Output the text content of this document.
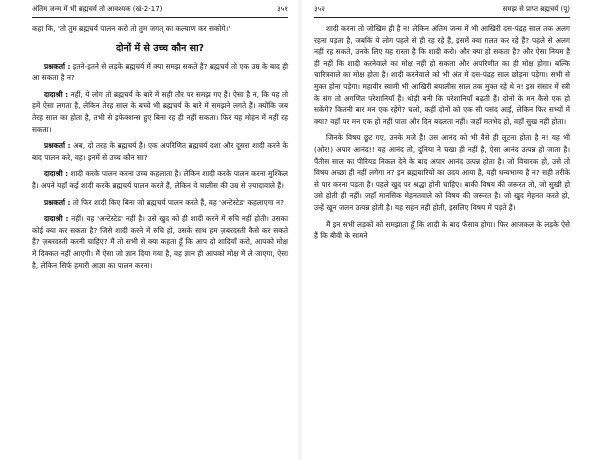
अंतिम जन्म में भी ब्रह्मचर्य तो आवश्यक (खं-2-17)	३५१

कहा कि, 'तो तुम ब्रह्मचर्य पालन करो तो तुम जगत् का कल्याण कर सकोगे।'

दोनों में से उच्च कौन सा?

प्रश्नकर्ता : इतने-इतने से लड़के ब्रह्मचर्य में क्या समझ सकते हैं? ब्रह्मचर्य तो एक उम्र के बाद ही आ सकता है न?

दादाश्री : नहीं, ये लोग तो ब्रह्मचर्य के बारे में सही तौर पर समझ गए हैं। ऐसा है न, कि यह तो हमें ऐसा लगता है, लेकिन तेरह साल के बच्चे भी ब्रह्मचर्य के बारे में समझने लगते हैं। क्योंकि जब तेरह साल का होता है, तभी से इफेक्शन्स हुए बिना रह ही नहीं सकता। फिर यह मोहन में नहीं रह सकता।

प्रश्नकर्ता : अब, दो तरह के ब्रह्मचर्य हैं। एक अपरिणित ब्रह्मचर्य दशा और दूसरा शादी करने के बाद पालन करे, वह। इनमें से उच्च कौन सा?

दादाश्री : शादी करके पालन करना उच्च कहलाता है। लेकिन शादी करके पालन करना मुश्किल है। अपने यहाँ कई शादी करके ब्रह्मचर्य पालन करते हैं, लेकिन वे चालीस की उम्र से ज़्यादावाले हैं।

प्रश्नकर्ता : तो फिर शादी किए बिना जो ब्रह्मचर्य पालन करते हैं, वह 'अन्टेस्टेड' कहलाएगा न?

दादाश्री : नहीं। वह 'अन्टेस्टेड' नहीं है। उसे खुद को ही शादी करने में रुचि नहीं होती। उसका कोई क्या कर सकता है? जिसे शादी करने में रुचि हो, उसके साथ हम ज़बरदस्ती कैसे कर सकते हैं? ज़बरदस्ती करनी चाहिए? मैं तो सभी से क्या कहता हूँ कि आप दो शादियाँ करो, आपको मोक्ष में दिक्कत नहीं आएगी। मैं ऐसा जो ज्ञान दिया गया है, वह ज्ञान ही आपको मोक्ष में ले जाएगा, ऐसा है, लेकिन सिर्फ हमारी आज्ञा का पालन करना।

३५२	समझ से प्राप्त ब्रह्मचर्य (पू)

शादी करना तो जोखिम ही है न! लेकिन अंतिम जन्म में भी आखिरी दस-पंद्रह साल तक अलग रहना पड़ता है, जबकि ये लोग पहले से ही रह रहे हैं, इसमें क्या ग़लत कर रहे हैं? पहले से अलग नहीं रह सकते, उनके लिए यह रास्ता है कि शादी करो। और क्या हो सकता है? और ऐसा नियम है ही नहीं कि शादी करनेवाले का मोक्ष नहीं हो सकता और अपरिणीत का ही मोक्ष होगा। बल्कि चारित्रवाले का मोक्ष होता है। शादी करनेवाले को भी अंत में दस-पंद्रह साल छोड़ना पड़ेगा। सभी से मुक्त होना पड़ेगा। महावीर स्वामी भी आखिरी बयालीस साल तक मुक्त रहे थे न! इस संसार में स्त्री के संग तो अगणित परेशानियाँ हैं। थोड़ी बनी कि परेशानियाँ बढ़ती हैं। दोनों के मन कैसे एक हो सकेंगे? कितनी बार मन एक रहेंगे? चलो, कहीं दोनों को एक सी पसंद आई, लेकिन फिर सभ्यों में क्या? वहाँ पर मन एक हो नहीं पाता और दिन बदलता नहीं। जहाँ मतभेद हो, वहाँ सुख नहीं होता।

जिनके विषय छूट गए, उनके मजे हैं! उस आनंद को भी वैसे ही लूटना होता है न! यह भी (ओर!) अपार आनंद!! यह आनंद तो, दुनिया ने चखा ही नहीं है, ऐसा आनंद उत्पन्न हो जाता है। पैंतीस साल का पीरियड निकल देने के बाद अपार आनंद उत्पन्न होता है। जो विचारक हो, उसे तो विषय अच्छा ही नहीं लगेगा न? इन ब्रह्मचारियों का उदय आया है, यही धन्यभाग्य है न? सही तरीके से पार करना पड़ता है। पहले खुद पर श्रद्धा होनी चाहिए। बाकी विषय की जरूरत तो, जो सुखी हो उसे होती ही नहीं। जहाँ मानसिक मेहनतवाले को विषय की जरूरत है। जो खुद मेहनत करते हो, उन्हें खून जलन उत्पन्न होती है। यह सहन नहीं होती, इसलिए विषय में पड़ते हैं।

मैं इन सभी लड़कों को समझाता हूँ कि शादी के बाद फँसाव होगा। फिर आजकल के लड़के ऐसे हैं कि बीवी के सामने
